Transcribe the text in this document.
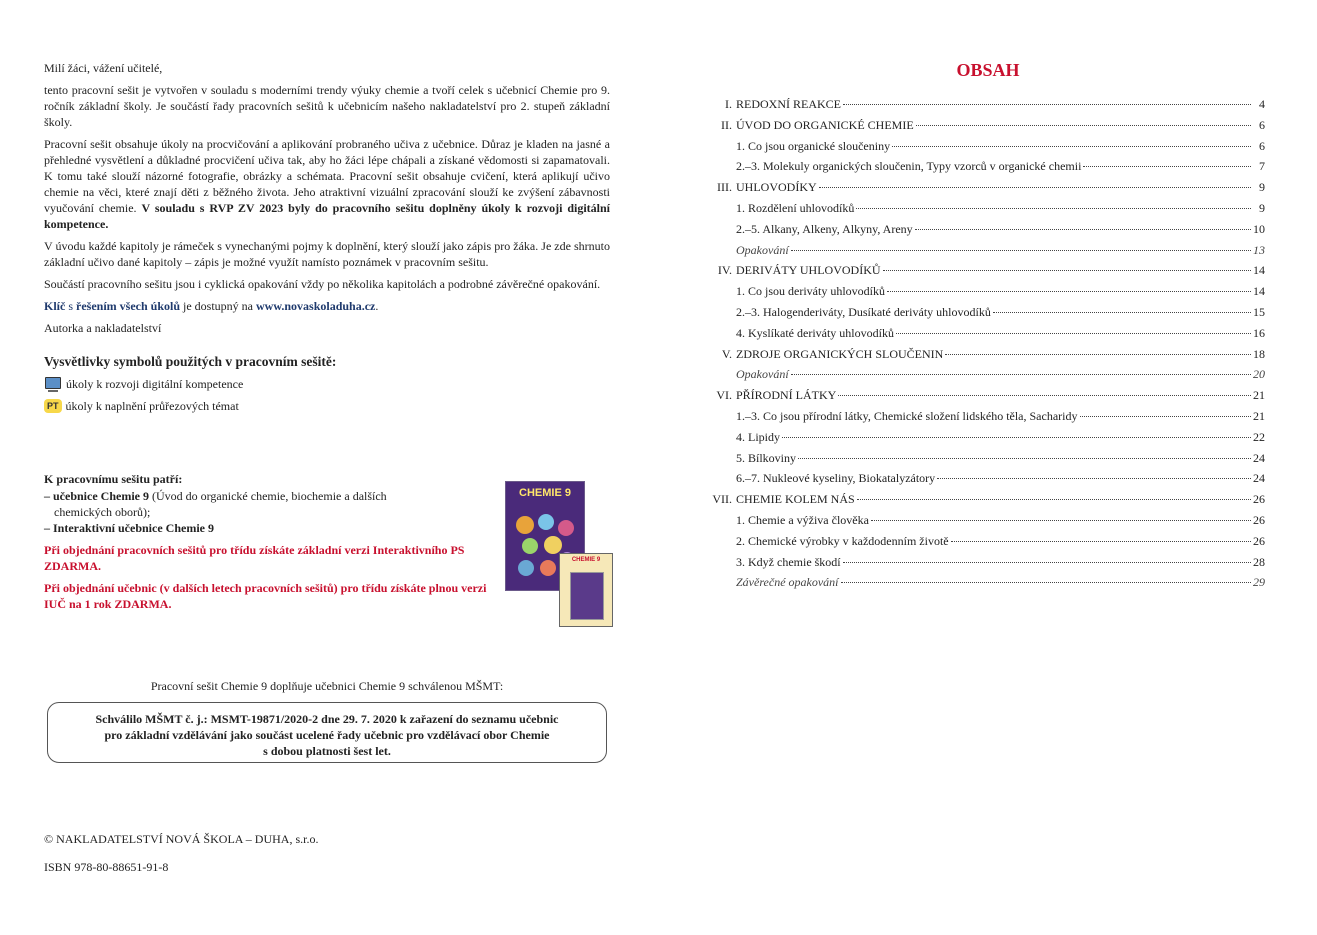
Milí žáci, vážení učitelé,

tento pracovní sešit je vytvořen v souladu s moderními trendy výuky chemie a tvoří celek s učebnicí Chemie pro 9. ročník základní školy. Je součástí řady pracovních sešitů k učebnicím našeho nakladatelství pro 2. stupeň základní školy.

Pracovní sešit obsahuje úkoly na procvičování a aplikování probraného učiva z učebnice. Důraz je kladen na jasné a přehledné vysvětlení a důkladné procvičení učiva tak, aby ho žáci lépe chápali a získané vědomosti si zapamatovali. K tomu také slouží názorné fotografie, obrázky a schémata. Pracovní sešit obsahuje cvičení, která aplikují učivo chemie na věci, které znají děti z běžného života. Jeho atraktivní vizuální zpracování slouží ke zvýšení zábavnosti vyučování chemie. V souladu s RVP ZV 2023 byly do pracovního sešitu doplněny úkoly k rozvoji digitální kompetence.

V úvodu každé kapitoly je rámeček s vynechanými pojmy k doplnění, který slouží jako zápis pro žáka. Je zde shrnuto základní učivo dané kapitoly – zápis je možné využít namísto poznámek v pracovním sešitu.

Součástí pracovního sešitu jsou i cyklická opakování vždy po několika kapitolách a podrobné závěrečné opakování.

Klíč s řešením všech úkolů je dostupný na www.novaskoladuha.cz.

Autorka a nakladatelství

Vysvětlivky symbolů použitých v pracovním sešitě:
úkoly k rozvoji digitální kompetence
PT úkoly k naplnění průřezových témat
K pracovnímu sešitu patří:
– učebnice Chemie 9 (Úvod do organické chemie, biochemie a dalších
chemických oborů);
– Interaktivní učebnice Chemie 9

Při objednání pracovních sešitů pro třídu získáte základní verzi Interaktivního PS ZDARMA.

Při objednání učebnic (v dalších letech pracovních sešitů) pro třídu získáte plnou verzi IUČ na 1 rok ZDARMA.

CHEMIE 9
CHEMIE 9
Pracovní sešit Chemie 9 doplňuje učebnici Chemie 9 schválenou MŠMT:
Schválilo MŠMT č. j.: MSMT-19871/2020-2 dne 29. 7. 2020 k zařazení do seznamu učebnic
pro základní vzdělávání jako součást ucelené řady učebnic pro vzdělávací obor Chemie
s dobou platnosti šest let.
© NAKLADATELSTVÍ NOVÁ ŠKOLA – DUHA, s.r.o.
ISBN 978-80-88651-91-8
OBSAH
I. REDOXNÍ REAKCE	4
II. ÚVOD DO ORGANICKÉ CHEMIE	6
1. Co jsou organické sloučeniny	6
2.–3. Molekuly organických sloučenin, Typy vzorců v organické chemii	7
III. UHLOVODÍKY	9
1. Rozdělení uhlovodíků	9
2.–5. Alkany, Alkeny, Alkyny, Areny	10
Opakování	13
IV. DERIVÁTY UHLOVODÍKŮ	14
1. Co jsou deriváty uhlovodíků	14
2.–3. Halogenderiváty, Dusíkaté deriváty uhlovodíků	15
4. Kyslíkaté deriváty uhlovodíků	16
V. ZDROJE ORGANICKÝCH SLOUČENIN	18
Opakování	20
VI. PŘÍRODNÍ LÁTKY	21
1.–3. Co jsou přírodní látky, Chemické složení lidského těla, Sacharidy	21
4. Lipidy	22
5. Bílkoviny	24
6.–7. Nukleové kyseliny, Biokatalyzátory	24
VII. CHEMIE KOLEM NÁS	26
1. Chemie a výživa člověka	26
2. Chemické výrobky v každodenním životě	26
3. Když chemie škodí	28
Závěrečné opakování	29
